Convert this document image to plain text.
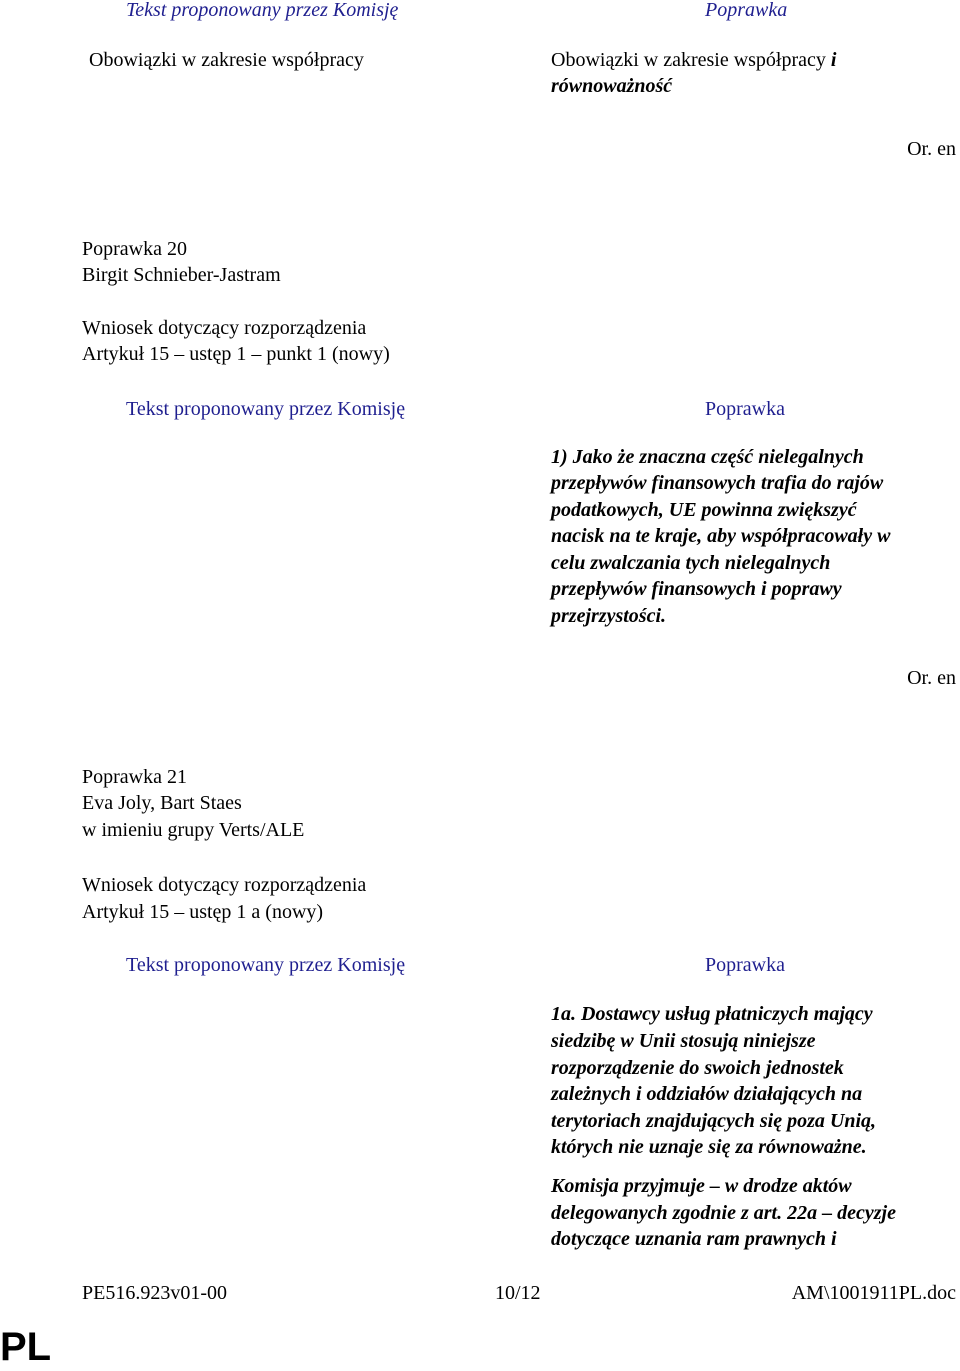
Tekst proponowany przez Komisję	Poprawka
Obowiązki w zakresie współpracy	Obowiązki w zakresie współpracy i
równoważność
Or. en
Poprawka 20
Birgit Schnieber-Jastram
Wniosek dotyczący rozporządzenia
Artykuł 15 – ustęp 1 – punkt 1 (nowy)
Tekst proponowany przez Komisję	Poprawka
1) Jako że znaczna część nielegalnych
przepływów finansowych trafia do rajów
podatkowych, UE powinna zwiększyć
nacisk na te kraje, aby współpracowały w
celu zwalczania tych nielegalnych
przepływów finansowych i poprawy
przejrzystości.
Or. en
Poprawka 21
Eva Joly, Bart Staes
w imieniu grupy Verts/ALE
Wniosek dotyczący rozporządzenia
Artykuł 15 – ustęp 1 a (nowy)
Tekst proponowany przez Komisję	Poprawka
1a. Dostawcy usług płatniczych mający
siedzibę w Unii stosują niniejsze
rozporządzenie do swoich jednostek
zależnych i oddziałów działających na
terytoriach znajdujących się poza Unią,
których nie uznaje się za równoważne.
Komisja przyjmuje – w drodze aktów
delegowanych zgodnie z art. 22a – decyzje
dotyczące uznania ram prawnych i
PE516.923v01-00	10/12	AM\1001911PL.doc
PL
